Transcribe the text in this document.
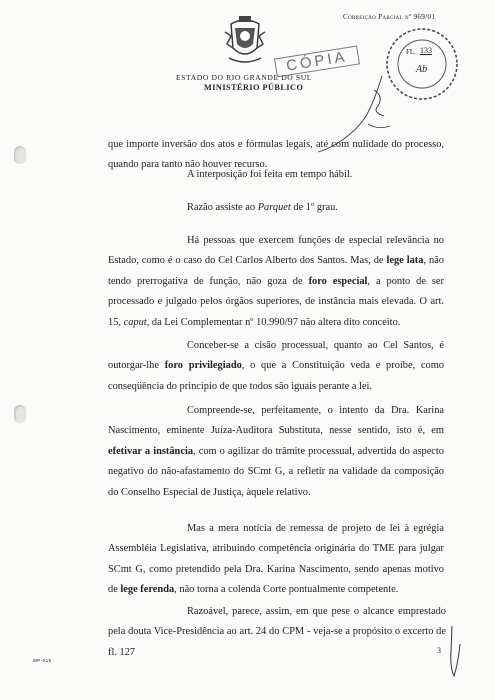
Correição Parcial nº 969/01
ESTADO DO RIO GRANDE DO SUL
MINISTÉRIO PÚBLICO
CÓPIA	FL. 133
Ab
que importe inversão dos atos e fórmulas legais, até com nulidade do processo, quando para tanto não houver recurso.
A interposição foi feita em tempo hábil.
Razão assiste ao Parquet de 1º grau.
Há pessoas que exercem funções de especial relevância no Estado, como é o caso do Cel Carlos Alberto dos Santos. Mas, de lege lata, não tendo prerrogativa de função, não goza de foro especial, a ponto de ser processado e julgado pelos órgãos superiores, de instância mais elevada. O art. 15, caput, da Lei Complementar nº 10.990/97 não altera dito conceito.
Conceber-se a cisão processual, quanto ao Cel Santos, é outorgar-lhe foro privilegiado, o que a Constituição veda e proíbe, como conseqüência do princípio de que todos são iguais perante a lei.
Compreende-se, perfeitamente, o intento da Dra. Karina Nascimento, eminente Juíza-Auditora Substituta, nesse sentido, isto é, em efetivar a instância, com o agilizar do trâmite processual, advertida do aspecto negativo do não-afastamento do SCmt G, a refletir na validade da composição do Conselho Especial de Justiça, àquele relativo.
Mas a mera notícia de remessa de projeto de lei à egrégia Assembléia Legislativa, atribuindo competência originária do TME para julgar SCmt G, como pretendido pela Dra. Karina Nascimento, sendo apenas motivo de lege ferenda, não torna a colenda Corte pontualmente competente.
Razoável, parece, assim, em que pese o alcance emprestado pela douta Vice-Presidência ao art. 24 do CPM - veja-se a propósito o excerto de fl. 127	3
MP-018
